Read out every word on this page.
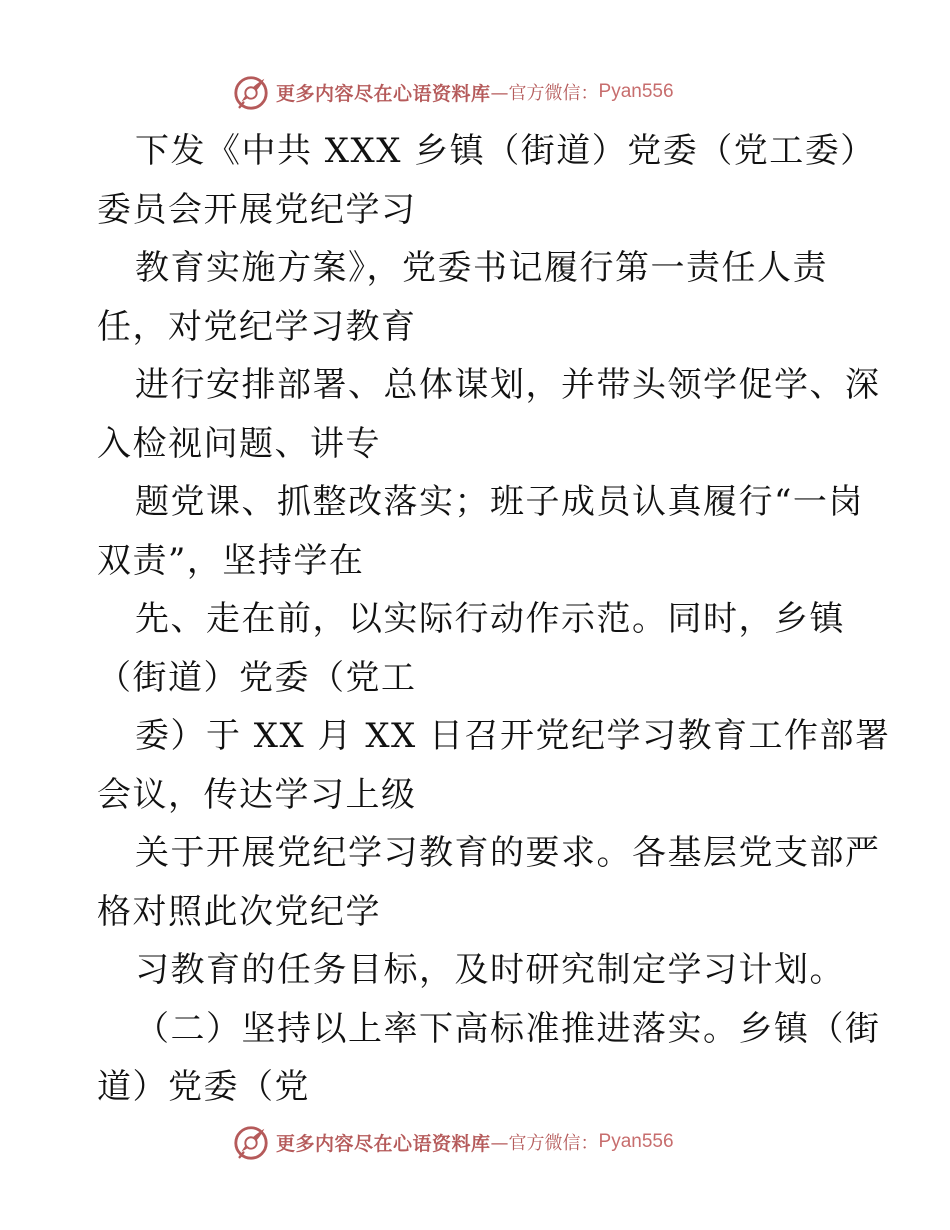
更多内容尽在心语资料库 —官方微信： Pyan556
下发《中共 XXX 乡镇（街道）党委（党工委）
委员会开展党纪学习
教育实施方案》，党委书记履行第一责任人责
任，对党纪学习教育
进行安排部署、总体谋划，并带头领学促学、深
入检视问题、讲专
题党课、抓整改落实；班子成员认真履行“一岗
双责”，坚持学在
先、走在前，以实际行动作示范。同时，乡镇
（街道）党委（党工
委）于 XX 月 XX 日召开党纪学习教育工作部署
会议，传达学习上级
关于开展党纪学习教育的要求。各基层党支部严
格对照此次党纪学
习教育的任务目标，及时研究制定学习计划。
（二）坚持以上率下高标准推进落实。乡镇（街
道）党委（党
更多内容尽在心语资料库 —官方微信： Pyan556
